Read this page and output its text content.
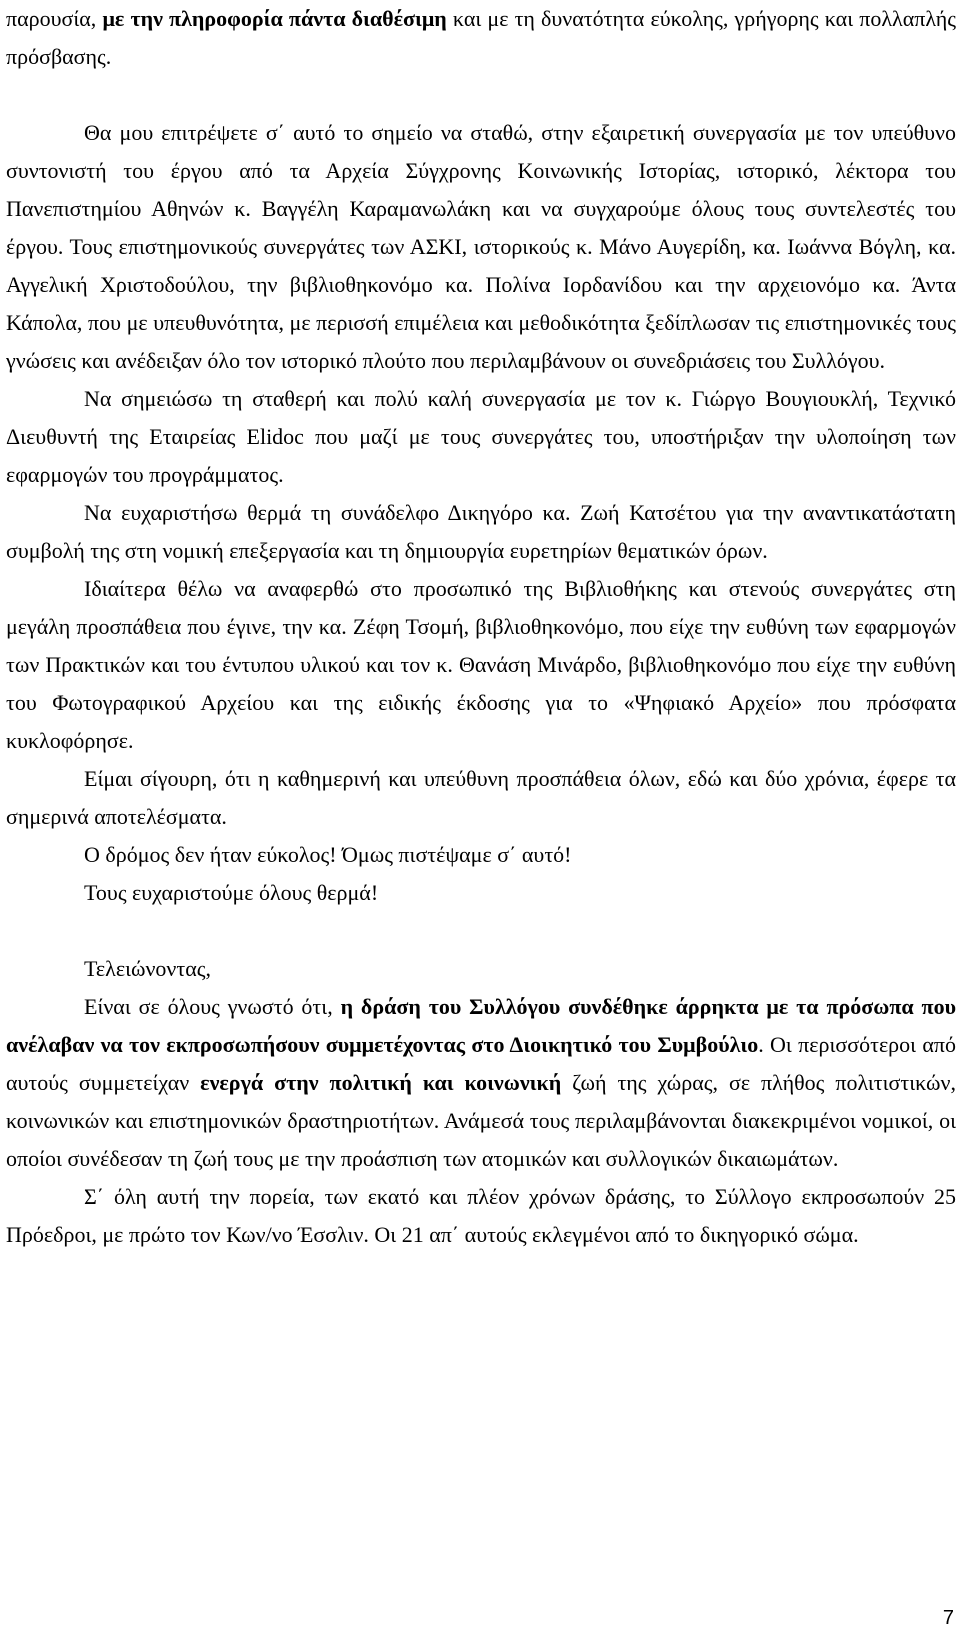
παρουσία, με την πληροφορία πάντα διαθέσιμη και με τη δυνατότητα εύκολης, γρήγορης και πολλαπλής πρόσβασης.

Θα μου επιτρέψετε σ΄ αυτό το σημείο να σταθώ, στην εξαιρετική συνεργασία με τον υπεύθυνο συντονιστή του έργου από τα Αρχεία Σύγχρονης Κοινωνικής Ιστορίας, ιστορικό, λέκτορα του Πανεπιστημίου Αθηνών κ. Βαγγέλη Καραμανωλάκη και να συγχαρούμε όλους τους συντελεστές του έργου. Τους επιστημονικούς συνεργάτες των ΑΣΚΙ, ιστορικούς κ. Μάνο Αυγερίδη, κα. Ιωάννα Βόγλη, κα. Αγγελική Χριστοδούλου, την βιβλιοθηκονόμο κα. Πολίνα Ιορδανίδου και την αρχειονόμο κα. Άντα Κάπολα, που με υπευθυνότητα, με περισσή επιμέλεια και μεθοδικότητα ξεδίπλωσαν τις επιστημονικές τους γνώσεις και ανέδειξαν όλο τον ιστορικό πλούτο που περιλαμβάνουν οι συνεδριάσεις του Συλλόγου.

Να σημειώσω τη σταθερή και πολύ καλή συνεργασία με τον κ. Γιώργο Βουγιουκλή, Τεχνικό Διευθυντή της Εταιρείας Elidoc που μαζί με τους συνεργάτες του, υποστήριξαν την υλοποίηση των εφαρμογών του προγράμματος.

Να ευχαριστήσω θερμά τη συνάδελφο Δικηγόρο κα. Ζωή Κατσέτου για την αναντικατάστατη συμβολή της στη νομική επεξεργασία και τη δημιουργία ευρετηρίων θεματικών όρων.

Ιδιαίτερα θέλω να αναφερθώ στο προσωπικό της Βιβλιοθήκης και στενούς συνεργάτες στη μεγάλη προσπάθεια που έγινε, την κα. Ζέφη Τσομή, βιβλιοθηκονόμο, που είχε την ευθύνη των εφαρμογών των Πρακτικών και του έντυπου υλικού και τον κ. Θανάση Μινάρδο, βιβλιοθηκονόμο που είχε την ευθύνη του Φωτογραφικού Αρχείου και της ειδικής έκδοσης για το «Ψηφιακό Αρχείο» που πρόσφατα κυκλοφόρησε.

Είμαι σίγουρη, ότι η καθημερινή και υπεύθυνη προσπάθεια όλων, εδώ και δύο χρόνια, έφερε τα σημερινά αποτελέσματα.

Ο δρόμος δεν ήταν εύκολος! Όμως πιστέψαμε σ΄ αυτό!

Τους ευχαριστούμε όλους θερμά!

Τελειώνοντας,

Είναι σε όλους γνωστό ότι, η δράση του Συλλόγου συνδέθηκε άρρηκτα με τα πρόσωπα που ανέλαβαν να τον εκπροσωπήσουν συμμετέχοντας στο Διοικητικό του Συμβούλιο. Οι περισσότεροι από αυτούς συμμετείχαν ενεργά στην πολιτική και κοινωνική ζωή της χώρας, σε πλήθος πολιτιστικών, κοινωνικών και επιστημονικών δραστηριοτήτων. Ανάμεσά τους περιλαμβάνονται διακεκριμένοι νομικοί, οι οποίοι συνέδεσαν τη ζωή τους με την προάσπιση των ατομικών και συλλογικών δικαιωμάτων.

Σ΄ όλη αυτή την πορεία, των εκατό και πλέον χρόνων δράσης, το Σύλλογο εκπροσωπούν 25 Πρόεδροι, με πρώτο τον Κων/νο Έσσλιν. Οι 21 απ΄ αυτούς εκλεγμένοι από το δικηγορικό σώμα.

7
